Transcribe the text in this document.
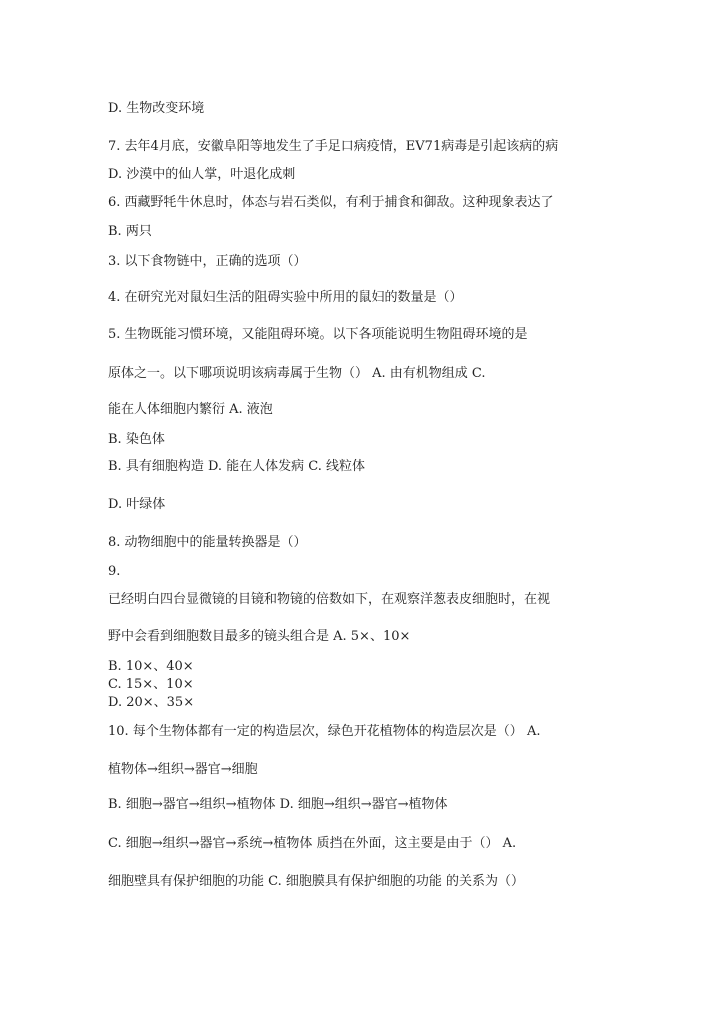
D. 生物改变环境

7. 去年4月底，安徽阜阳等地发生了手足口病疫情，EV71病毒是引起该病的病

D. 沙漠中的仙人掌，叶退化成刺

6. 西藏野牦牛休息时，体态与岩石类似，有利于捕食和御敌。这种现象表达了

B. 两只

3. 以下食物链中，正确的选项（）

4. 在研究光对鼠妇生活的阻碍实验中所用的鼠妇的数量是（）

5. 生物既能习惯环境，又能阻碍环境。以下各项能说明生物阻碍环境的是

原体之一。以下哪项说明该病毒属于生物（） A. 由有机物组成 C.

能在人体细胞内繁衍 A. 液泡

B. 染色体

B. 具有细胞构造 D. 能在人体发病 C. 线粒体

D. 叶绿体

8. 动物细胞中的能量转换器是（）

9.

已经明白四台显微镜的目镜和物镜的倍数如下，在观察洋葱表皮细胞时，在视

野中会看到细胞数目最多的镜头组合是 A. 5×、10×

B. 10×、40×

C. 15×、10×

D. 20×、35×

10. 每个生物体都有一定的构造层次，绿色开花植物体的构造层次是（） A.

植物体→组织→器官→细胞

B. 细胞→器官→组织→植物体 D. 细胞→组织→器官→植物体

C. 细胞→组织→器官→系统→植物体 质挡在外面，这主要是由于（） A.

细胞壁具有保护细胞的功能 C. 细胞膜具有保护细胞的功能 的关系为（）
